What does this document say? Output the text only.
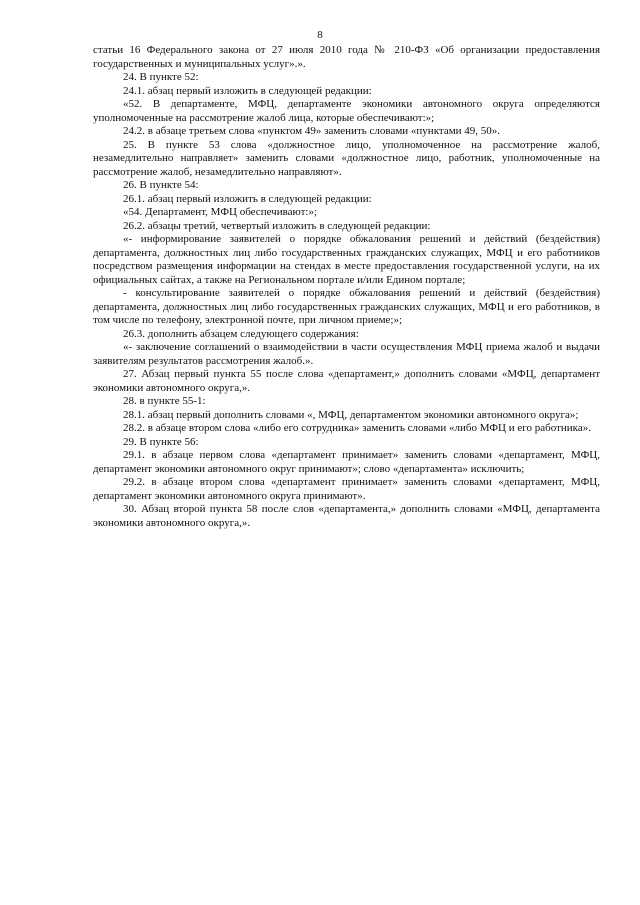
8

статьи 16 Федерального закона от 27 июля 2010 года № 210-ФЗ «Об организации предоставления государственных и муниципальных услуг».».

24. В пункте 52:

24.1. абзац первый изложить в следующей редакции:

«52. В департаменте, МФЦ, департаменте экономики автономного округа определяются уполномоченные на рассмотрение жалоб лица, которые обеспечивают:»;

24.2. в абзаце третьем слова «пунктом 49» заменить словами «пунктами 49, 50».

25. В пункте 53 слова «должностное лицо, уполномоченное на рассмотрение жалоб, незамедлительно направляет» заменить словами «должностное лицо, работник, уполномоченные на рассмотрение жалоб, незамедлительно направляют».

26. В пункте 54:

26.1. абзац первый изложить в следующей редакции:

«54. Департамент, МФЦ обеспечивают:»;

26.2. абзацы третий, четвертый изложить в следующей редакции:

«- информирование заявителей о порядке обжалования решений и действий (бездействия) департамента, должностных лиц либо государственных гражданских служащих, МФЦ и его работников посредством размещения информации на стендах в месте предоставления государственной услуги, на их официальных сайтах, а также на Региональном портале и/или Едином портале;

- консультирование заявителей о порядке обжалования решений и действий (бездействия) департамента, должностных лиц либо государственных гражданских служащих, МФЦ и его работников, в том числе по телефону, электронной почте, при личном приеме;»;

26.3. дополнить абзацем следующего содержания:

«- заключение соглашений о взаимодействии в части осуществления МФЦ приема жалоб и выдачи заявителям результатов рассмотрения жалоб.».

27. Абзац первый пункта 55 после слова «департамент,» дополнить словами «МФЦ, департамент экономики автономного округа,».

28. в пункте 55-1:

28.1. абзац первый дополнить словами «, МФЦ, департаментом экономики автономного округа»;

28.2. в абзаце втором слова «либо его сотрудника» заменить словами «либо МФЦ и его работника».

29. В пункте 56:

29.1. в абзаце первом слова «департамент принимает» заменить словами «департамент, МФЦ, департамент экономики автономного округ принимают»; слово «департамента» исключить;

29.2. в абзаце втором слова «департамент принимает» заменить словами «департамент, МФЦ, департамент экономики автономного округа принимают».

30. Абзац второй пункта 58 после слов «департамента,» дополнить словами «МФЦ, департамента экономики автономного округа,».
